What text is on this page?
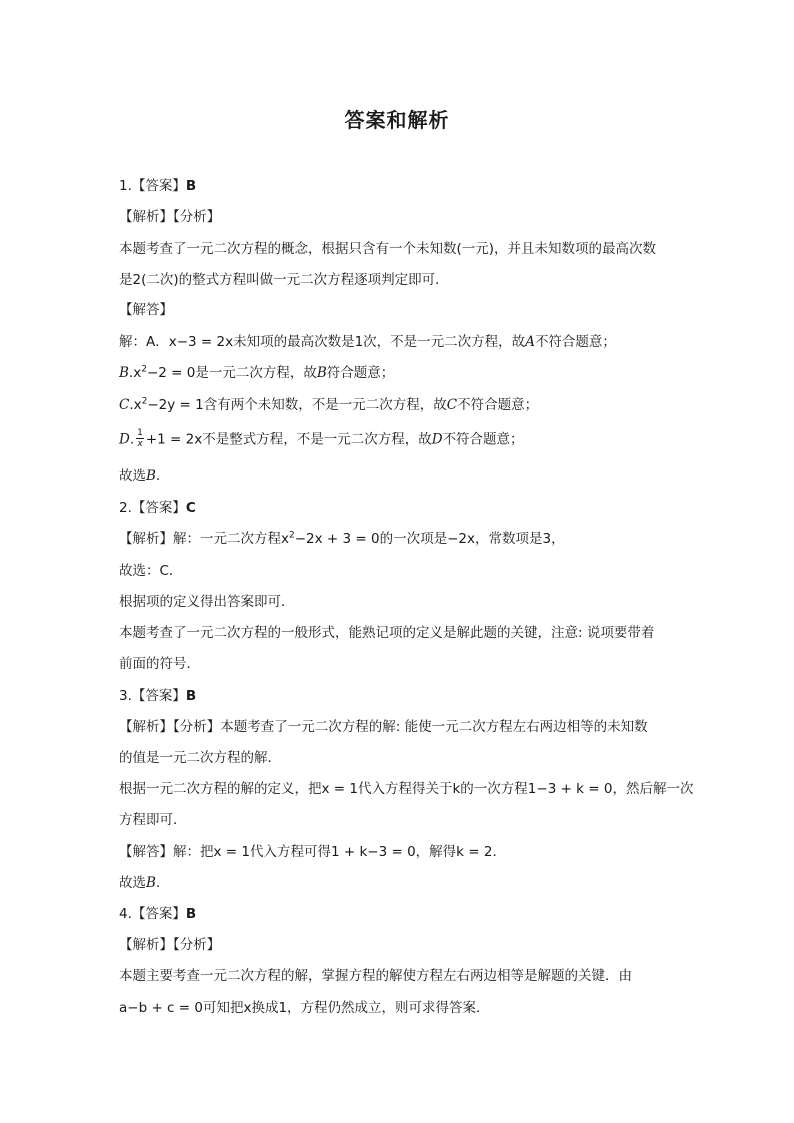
答案和解析
1.【答案】B
【解析】【分析】
本题考查了一元二次方程的概念，根据只含有一个未知数(一元)，并且未知数项的最高次数
是2(二次)的整式方程叫做一元二次方程逐项判定即可．
【解答】
解：A．x−3 = 2x未知项的最高次数是1次，不是一元二次方程，故A不符合题意；
$B.x^2-2 = 0$是一元二次方程，故B符合题意；
$C.x^2-2y = 1$含有两个未知数，不是一元二次方程，故C不符合题意；
D. $\frac{1}{x} +1 = 2x$不是整式方程，不是一元二次方程，故D不符合题意；
故选B.
2.【答案】C
【解析】解：一元二次方程$x^2-2x + 3 = 0$的一次项是−2x，常数项是3，
故选：C．
根据项的定义得出答案即可．
本题考查了一元二次方程的一般形式，能熟记项的定义是解此题的关键，注意: 说项要带着
前面的符号．
3.【答案】B
【解析】【分析】本题考查了一元二次方程的解: 能使一元二次方程左右两边相等的未知数
的值是一元二次方程的解．
根据一元二次方程的解的定义，把x = 1代入方程得关于k的一次方程1−3 + k = 0，然后解一次
方程即可．
【解答】解：把x = 1代入方程可得1 + k−3 = 0，解得k = 2．
故选B.
4.【答案】B
【解析】【分析】
本题主要考查一元二次方程的解，掌握方程的解使方程左右两边相等是解题的关键．由
a−b + c = 0可知把x换成1，方程仍然成立，则可求得答案．
